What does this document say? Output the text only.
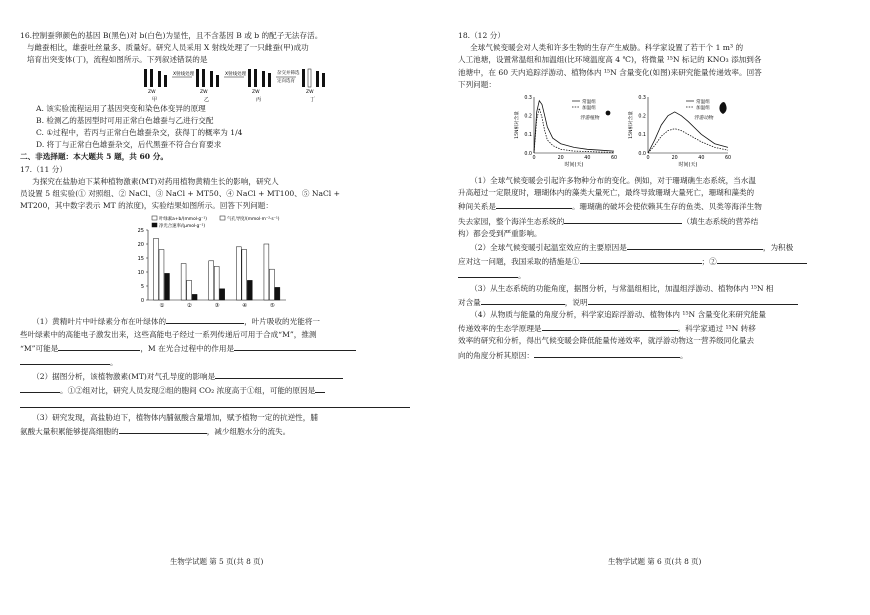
16.控制蚕卵颜色的基因 B(黑色)对 b(白色)为显性，且不含基因 B 或 b 的配子无法存活。

与雌蚕相比，雄蚕吐丝量多、质量好。研究人员采用 X 射线处理了一只雌蚕(甲)成功

培育出突变体(丁)，流程如图所示。下列叙述错误的是

X射线处理	X射线处理	杂交并筛选
定向选育
ZW	ZW	ZW	ZW
甲	乙	丙	丁

A. 该实验流程运用了基因突变和染色体变异的原理

B. 检测乙的基因型时可用正常白色雄蚕与乙进行交配

C. ①过程中，若丙与正常白色雄蚕杂交，获得丁的概率为 1/4

D. 将丁与正常白色雄蚕杂交，后代黑蚕不符合台育要求

二、非选择题：本大题共 5 题，共 60 分。

17.（11 分）

为探究在盐胁迫下某种植物激素(MT)对药用植物黄精生长的影响，研究人

员设置 5 组实验(① 对照组、② NaCl、③ NaCl + MT50、④ NaCl + MT100、⑤ NaCl +

MT200，其中数字表示 MT 的浓度)，实验结果如图所示。回答下列问题：

0
5
10
15
20
25
①	②	③	④	⑤
叶绿素a+b/(mmol·g⁻¹)	气孔导度/(mmol·m⁻²·s⁻¹)
净光合速率/(μmol·g⁻¹)

（1）黄精叶片中叶绿素分布在叶绿体的	，叶片吸收的光能将一

些叶绿素中的高能电子激发出来，这些高能电子经过一系列传递后可用于合成“M”，推测

“M”可能是	，M 在光合过程中的作用是

。

（2）据图分析，该植物激素(MT)对气孔导度的影响是

。①②组对比，研究人员发现②组的胞间 CO₂ 浓度高于①组，可能的原因是

（3）研究发现，高盐胁迫下，植物体内脯氨酸含量增加，赋予植物一定的抗逆性，脯

氨酸大量积累能够提高细胞的	，减少组胞水分的流失。

18.（12 分）

全球气候变暖会对人类和许多生物的生存产生威胁。科学家设置了若干个 1 m³ 的

人工池塘，设置常温组和加温组(比环境温度高 4 ℃)，将微量 ¹⁵N 标记的 KNO₃ 添加到各

池塘中，在 60 天内追踪浮游动、植物体内 ¹⁵N 含量变化(如图)来研究能量传递效率。回答

下列问题：

0.0
0.1
0.2
0.3
0	20	40	60
时间(天)
15N相对含量
常温组
加温组
浮游植物
0.0
0.1
0.2
0.3
0	20	40	60
时间(天)
15N相对含量
常温组
加温组
浮游动物

（1）全球气候变暖会引起许多物种分布的变化。例如，对于珊瑚礁生态系统，当水温

升高超过一定限度时，珊瑚体内的藻类大量死亡，最终导致珊瑚大量死亡，珊瑚和藻类的

种间关系是	。珊瑚礁的破坏会使依赖其生存的鱼类、贝类等海洋生物

失去家园，整个海洋生态系统的	（填生态系统的营养结

构）都会受到严重影响。

（2）全球气候变暖引起温室效应的主要原因是	，为积极

应对这一问题，我国采取的措施是①	；②

。

（3）从生态系统的功能角度，据图分析，与常温组相比，加温组浮游动、植物体内 ¹⁵N 相

对含量	，说明

（4）从物质与能量的角度分析，科学家追踪浮游动、植物体内 ¹⁵N 含量变化来研究能量

传递效率的生态学原理是	。科学家通过 ¹⁵N 转移

效率的研究和分析，得出气候变暖会降低能量传递效率，就浮游动物这一营养级同化量去

向的角度分析其原因：	。

生物学试题 第 5 页(共 8 页)	生物学试题 第 6 页(共 8 页)
